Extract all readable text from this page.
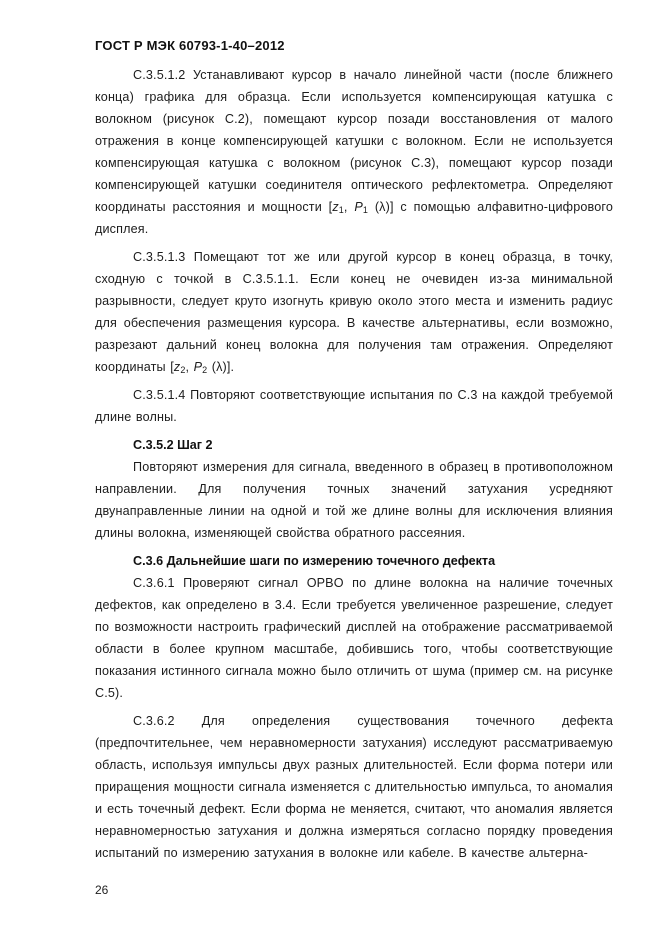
ГОСТ Р МЭК 60793-1-40–2012

С.3.5.1.2 Устанавливают курсор в начало линейной части (после ближнего конца) графика для образца. Если используется компенсирующая катушка с волокном (рисунок С.2), помещают курсор позади восстановления от малого отражения в конце компенсирующей катушки с волокном. Если не используется компенсирующая катушка с волокном (рисунок С.3), помещают курсор позади компенсирующей катушки соединителя оптического рефлектометра. Определяют координаты расстояния и мощности [$z_1$, $P_1$ (λ)] с помощью алфавитно-цифрового дисплея.

С.3.5.1.3 Помещают тот же или другой курсор в конец образца, в точку, сходную с точкой в С.3.5.1.1. Если конец не очевиден из-за минимальной разрывности, следует круто изогнуть кривую около этого места и изменить радиус для обеспечения размещения курсора. В качестве альтернативы, если возможно, разрезают дальний конец волокна для получения там отражения. Определяют координаты [$z_2$, $P_2$ (λ)].

С.3.5.1.4 Повторяют соответствующие испытания по С.3 на каждой требуемой длине волны.

С.3.5.2 Шаг 2

Повторяют измерения для сигнала, введенного в образец в противоположном направлении. Для получения точных значений затухания усредняют двунаправленные линии на одной и той же длине волны для исключения влияния длины волокна, изменяющей свойства обратного рассеяния.

С.3.6 Дальнейшие шаги по измерению точечного дефекта

С.3.6.1 Проверяют сигнал OPBO по длине волокна на наличие точечных дефектов, как определено в 3.4. Если требуется увеличенное разрешение, следует по возможности настроить графический дисплей на отображение рассматриваемой области в более крупном масштабе, добившись того, чтобы соответствующие показания истинного сигнала можно было отличить от шума (пример см. на рисунке С.5).

С.3.6.2 Для определения существования точечного дефекта (предпочтительнее, чем неравномерности затухания) исследуют рассматриваемую область, используя импульсы двух разных длительностей. Если форма потери или приращения мощности сигнала изменяется с длительностью импульса, то аномалия и есть точечный дефект. Если форма не меняется, считают, что аномалия является неравномерностью затухания и должна измеряться согласно порядку проведения испытаний по измерению затухания в волокне или кабеле. В качестве альтерна-

26
